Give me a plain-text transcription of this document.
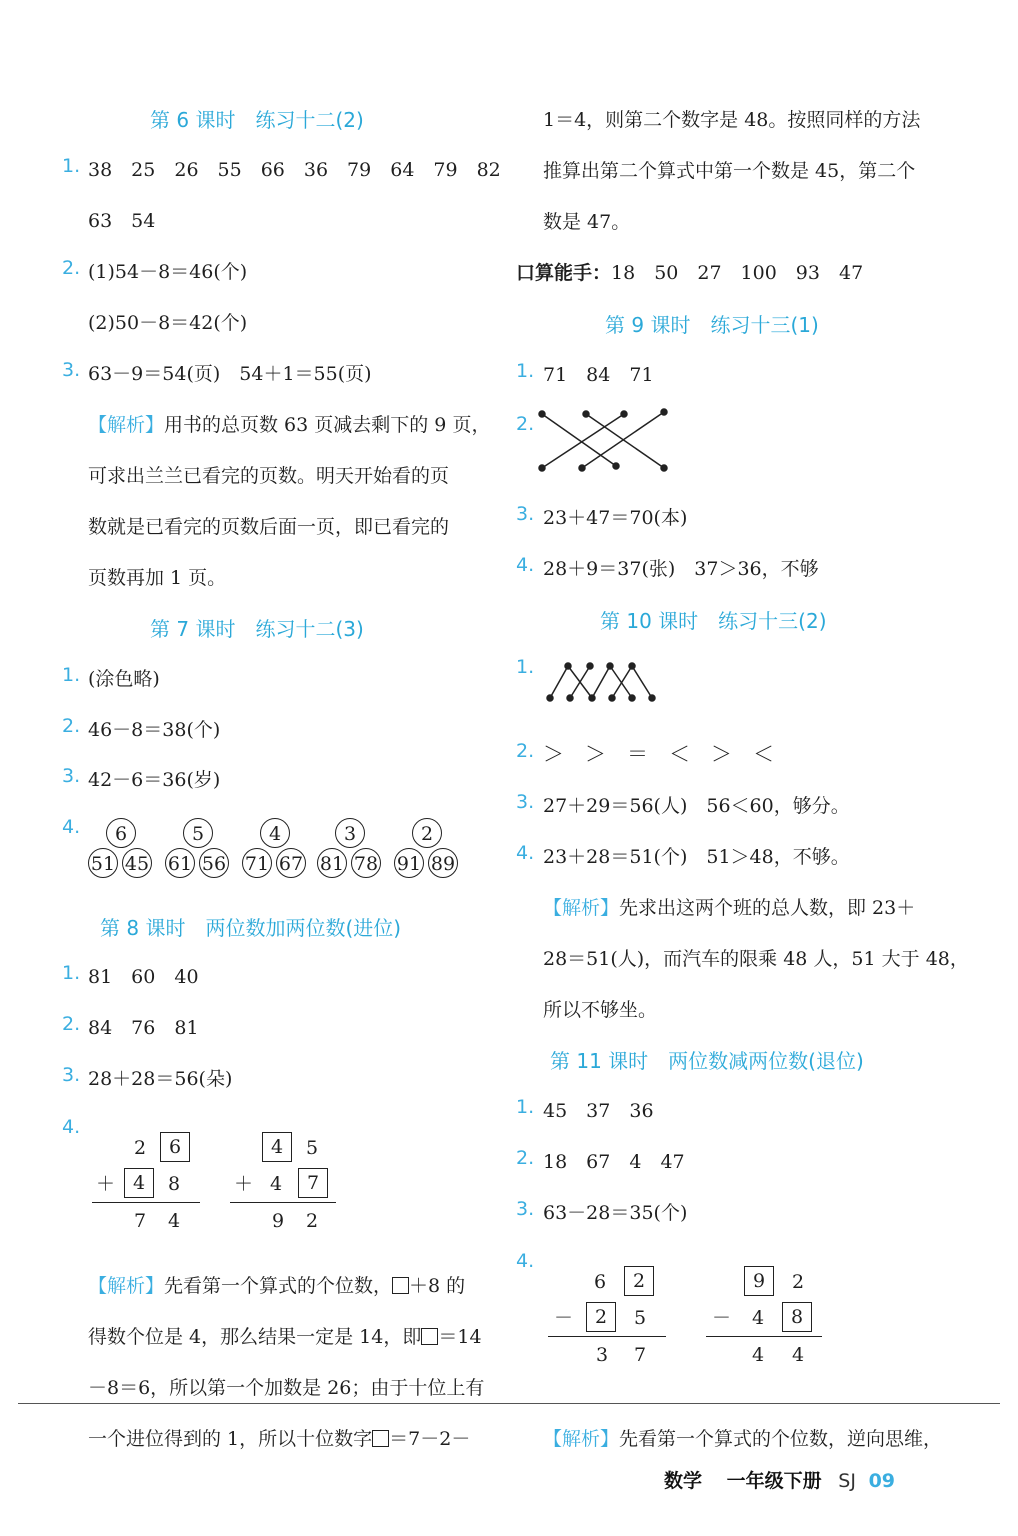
第 6 课时　练习十二(2)
1. 38　25　26　55　66　36　79　64　79　82
63　54
2. (1)54－8＝46(个)
(2)50－8＝42(个)
3. 63－9＝54(页)　54＋1＝55(页)
【解析】用书的总页数 63 页减去剩下的 9 页，
可求出兰兰已看完的页数。明天开始看的页
数就是已看完的页数后面一页，即已看完的
页数再加 1 页。
第 7 课时　练习十二(3)
1. (涂色略)
2. 46－8＝38(个)
3. 42－6＝36(岁)
4.	6
51 45
5
61 56
4
71 67
3
81 78
2
91 89
第 8 课时　两位数加两位数(进位)
1. 81　60　40
2. 84　76　81
3. 28＋28＝56(朵)
4.
2	6
＋ 4	8
7 4
4	5
＋ 4	7
9 2
【解析】先看第一个算式的个位数， ＋8 的
得数个位是 4，那么结果一定是 14，即 ＝14
－8＝6，所以第一个加数是 26；由于十位上有
一个进位得到的 1，所以十位数字 ＝7－2－
1＝4，则第二个数字是 48。按照同样的方法
推算出第二个算式中第一个数是 45，第二个
数是 47。
口算能手：18　50　27　100　93　47
第 9 课时　练习十三(1)
1. 71　84　71
2.
3. 23＋47＝70(本)
4. 28＋9＝37(张)　37＞36，不够
第 10 课时　练习十三(2)
1.
2. ＞　＞　＝　＜　＞　＜
3. 27＋29＝56(人)　56＜60，够分。
4. 23＋28＝51(个)　51＞48，不够。
【解析】先求出这两个班的总人数，即 23＋
28＝51(人)，而汽车的限乘 48 人，51 大于 48，
所以不够坐。
第 11 课时　两位数减两位数(退位)
1. 45　37　36
2. 18　67　4　47
3. 63－28＝35(个)
4.
6	2
－	2	5
3 7
9	2
－ 4	8
4 4
【解析】先看第一个算式的个位数，逆向思维，
数学 一年级下册 SJ 09
